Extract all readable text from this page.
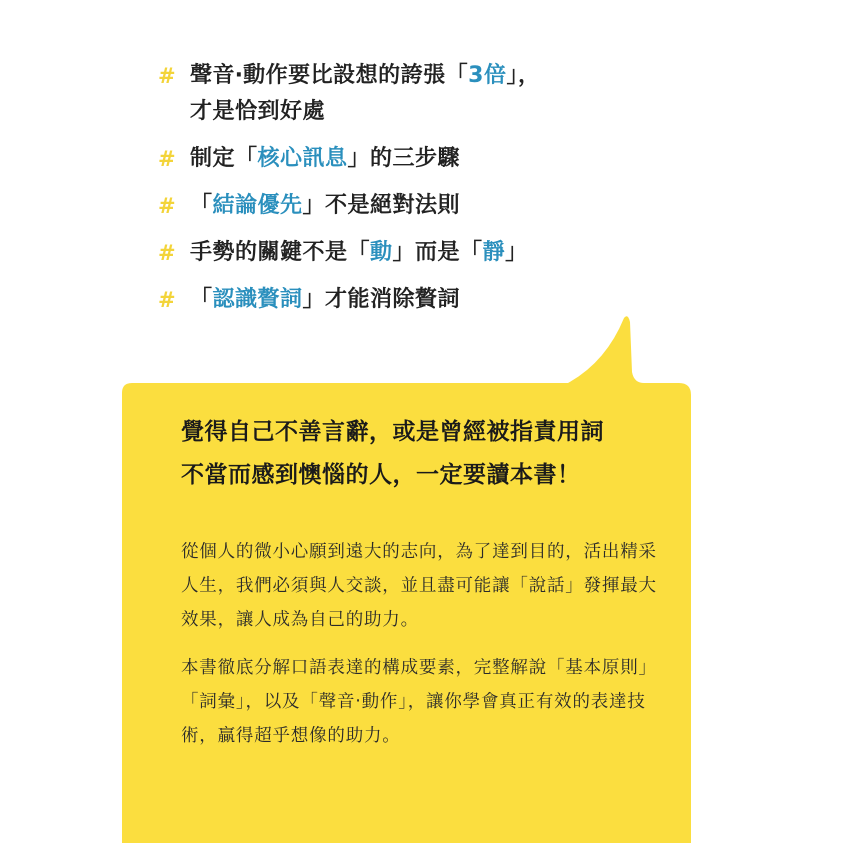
# 聲音‧動作要比設想的誇張「3倍」，
才是恰到好處
# 制定「核心訊息」的三步驟
# 「結論優先」不是絕對法則
# 手勢的關鍵不是「動」而是「靜」
# 「認識贅詞」才能消除贅詞

覺得自己不善言辭，或是曾經被指責用詞
不當而感到懊惱的人，一定要讀本書！

從個人的微小心願到遠大的志向，為了達到目的，活出精采人生，我們必須與人交談，並且盡可能讓「說話」發揮最大效果，讓人成為自己的助力。

本書徹底分解口語表達的構成要素，完整解說「基本原則」「詞彙」，以及「聲音‧動作」，讓你學會真正有效的表達技術，贏得超乎想像的助力。
